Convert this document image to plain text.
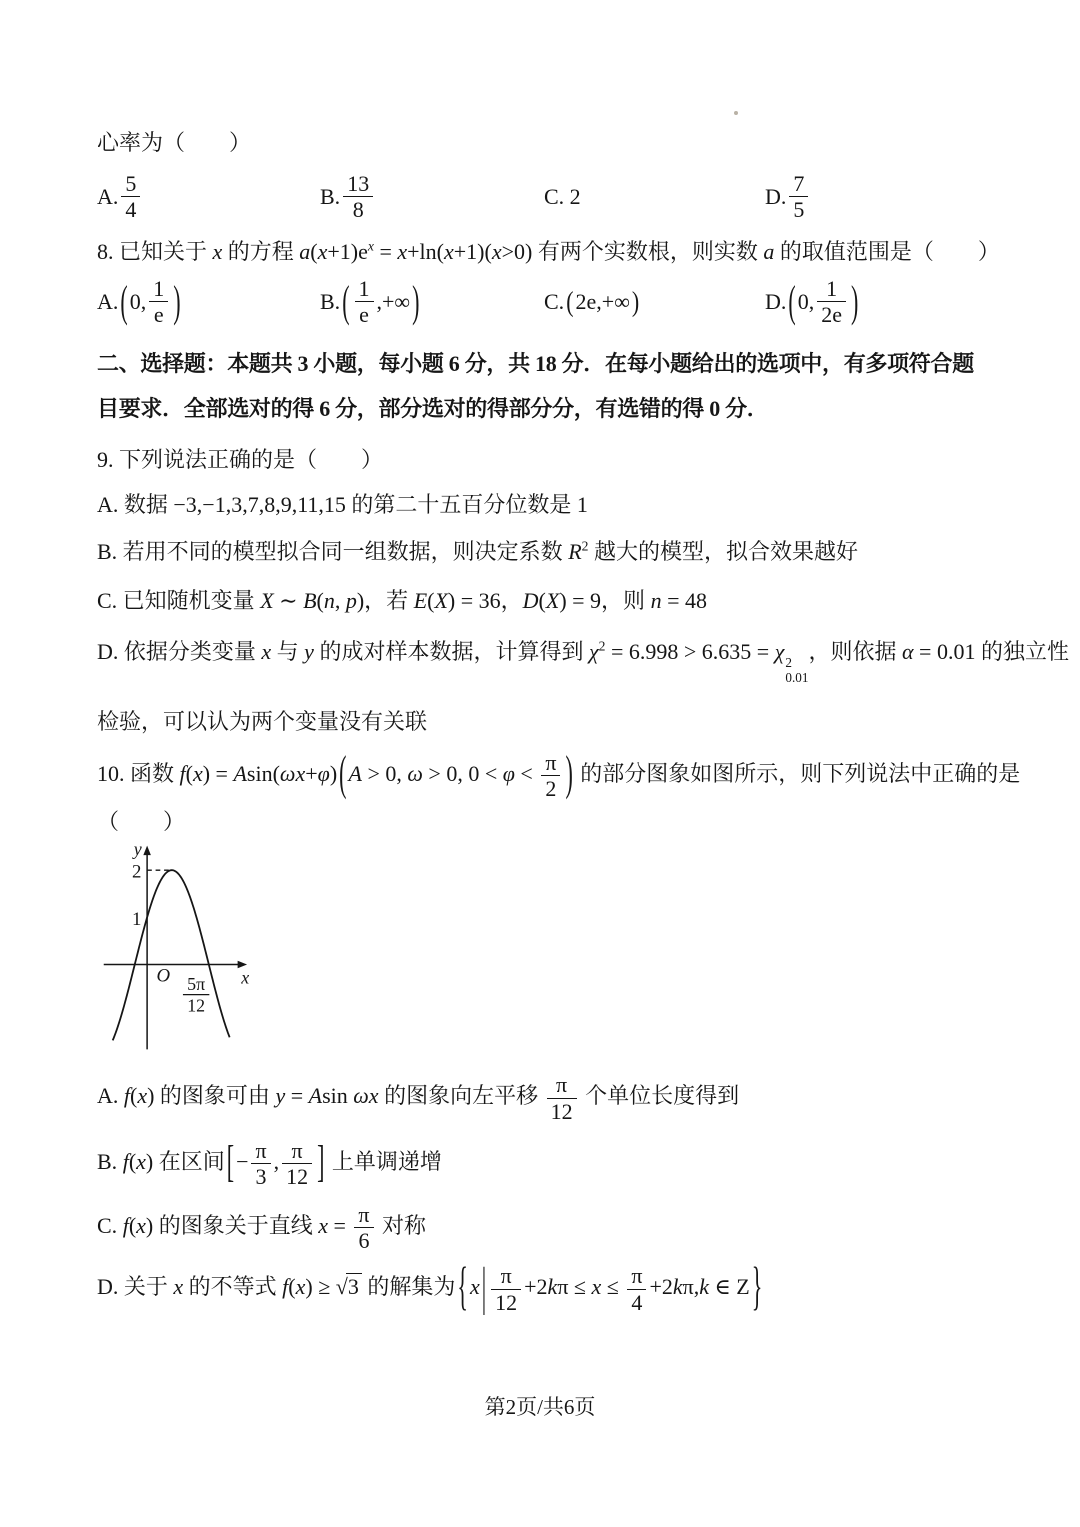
心率为（　　）
A. $\frac{5}{4}$	B. $\frac{13}{8}$	C. 2	D. $\frac{7}{5}$
8. 已知关于 x 的方程 $a(x+1)e^x = x+\ln(x+1)(x>0)$ 有两个实数根，则实数 a 的取值范围是（　　）
A. ( 0, $\frac{1}{e}$ )	B. ( $\frac{1}{e}$ ,+∞ )	C. ( 2e,+∞ )	D. ( 0, $\frac{1}{2e}$ )
二、选择题：本题共 3 小题，每小题 6 分，共 18 分．在每小题给出的选项中，有多项符合题
目要求．全部选对的得 6 分，部分选对的得部分分，有选错的得 0 分．
9. 下列说法正确的是（　　）
A. 数据 −3,−1,3,7,8,9,11,15 的第二十五百分位数是 1
B. 若用不同的模型拟合同一组数据，则决定系数 $R^2$ 越大的模型，拟合效果越好
C. 已知随机变量 X ∼ B(n, p)，若 E(X) = 36，D(X) = 9，则 n = 48
D. 依据分类变量 x 与 y 的成对样本数据，计算得到 $\chi^2 = 6.998 > 6.635 = \chi$ 2
0.01
，则依据 α = 0.01 的独立性
检验，可以认为两个变量没有关联
10. 函数 f(x) = Asin(ωx+φ)(A > 0, ω > 0, $0 < \varphi < \frac{\pi}{2}$ ) 的部分图象如图所示，则下列说法中正确的是
（　　）
y
2
1
O	x
5π
12
A. f(x) 的图象可由 y = Asin ωx 的图象向左平移 $\frac{\pi}{12}$ 个单位长度得到
B. f(x) 在区间[− $\frac{\pi}{3}$ , $\frac{\pi}{12}$ ] 上单调递增
C. f(x) 的图象关于直线 $x = \frac{\pi}{6}$ 对称
D. 关于 x 的不等式 f(x) ≥ √3 的解集为{$x| \frac{\pi}{12} +2k\pi \le x \le \frac{\pi}{4} +2k\pi,k$ ∈ Z}
第2页/共6页
